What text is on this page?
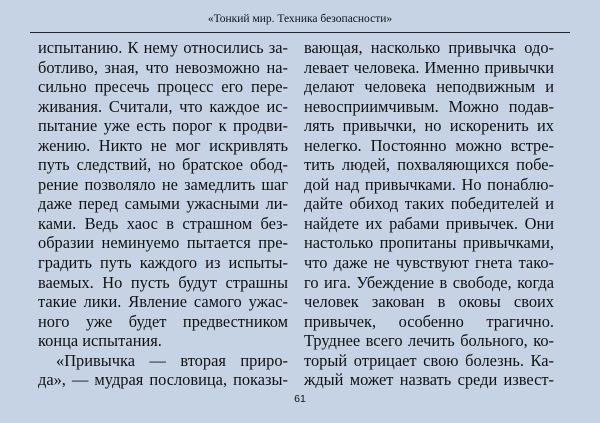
«Тонкий мир. Техника безопасности»
испытанию. К нему относились за-
ботливо, зная, что невозможно на-
сильно пресечь процесс его пере-
живания. Считали, что каждое ис-
пытание уже есть порог к продви-
жению. Никто не мог искривлять
путь следствий, но братское обод-
рение позволяло не замедлить шаг
даже перед самыми ужасными ли-
ками. Ведь хаос в страшном без-
образии неминуемо пытается пре-
градить путь каждого из испыты-
ваемых. Но пусть будут страшны
такие лики. Явление самого ужас-
ного уже будет предвестником
конца испытания.
«Привычка — вторая приро-
да», — мудрая пословица, показы-
вающая, насколько привычка одо-
левает человека. Именно привычки
делают человека неподвижным и
невосприимчивым. Можно подав-
лять привычки, но искоренить их
нелегко. Постоянно можно встре-
тить людей, похваляющихся побе-
дой над привычками. Но понаблю-
дайте обиход таких победителей и
найдете их рабами привычек. Они
настолько пропитаны привычками,
что даже не чувствуют гнета тако-
го ига. Убеждение в свободе, когда
человек закован в оковы своих
привычек, особенно трагично.
Труднее всего лечить больного, ко-
торый отрицает свою болезнь. Ка-
ждый может назвать среди извест-
61
